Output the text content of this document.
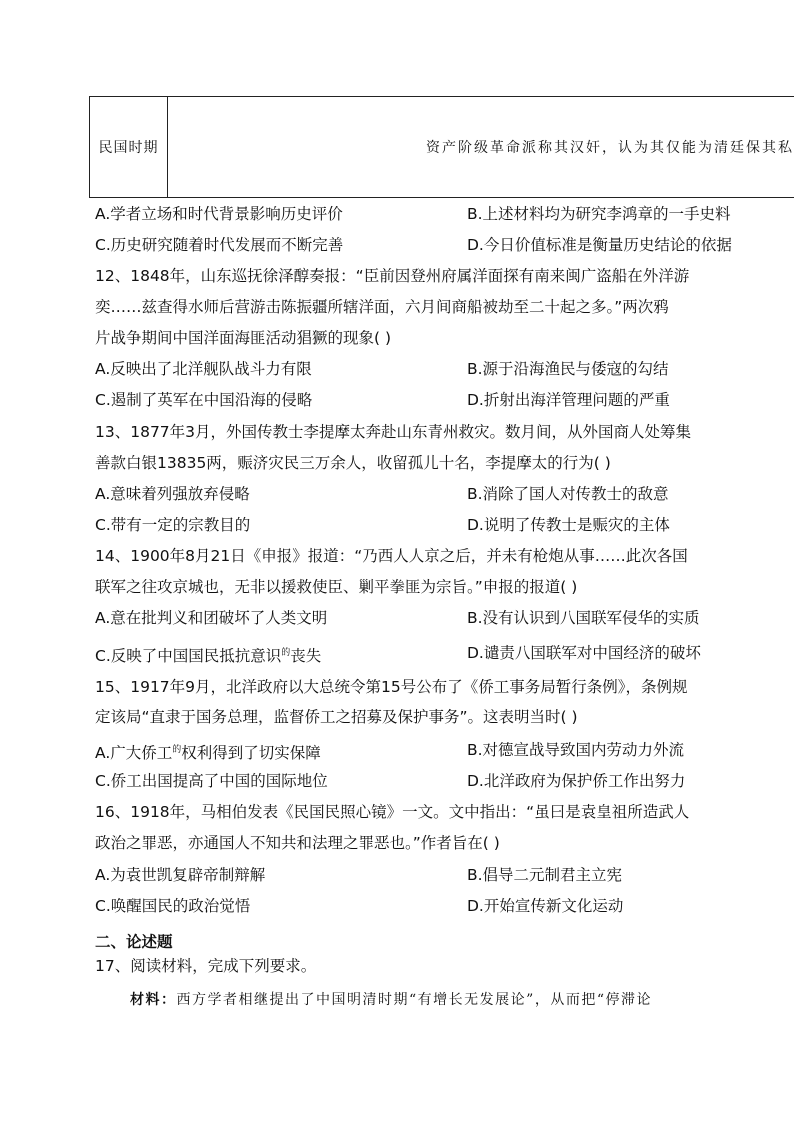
民国时期	资产阶级革命派称其汉奸，认为其仅能为清廷保其私
A.学者立场和时代背景影响历史评价	B.上述材料均为研究李鸿章的一手史料
C.历史研究随着时代发展而不断完善	D.今日价值标准是衡量历史结论的依据
12、1848年，山东巡抚徐泽醇奏报：“臣前因登州府属洋面探有南来闽广盗船在外洋游
奕……兹查得水师后营游击陈振疆所辖洋面，六月间商船被劫至二十起之多。”两次鸦
片战争期间中国洋面海匪活动猖獗的现象( )
A.反映出了北洋舰队战斗力有限	B.源于沿海渔民与倭寇的勾结
C.遏制了英军在中国沿海的侵略	D.折射出海洋管理问题的严重
13、1877年3月，外国传教士李提摩太奔赴山东青州救灾。数月间，从外国商人处筹集
善款白银13835两，赈济灾民三万余人，收留孤儿十名，李提摩太的行为( )
A.意味着列强放弃侵略	B.消除了国人对传教士的敌意
C.带有一定的宗教目的	D.说明了传教士是赈灾的主体
14、1900年8月21日《申报》报道：“乃西人人京之后，并未有枪炮从事……此次各国
联军之往攻京城也，无非以援救使臣、剿平拳匪为宗旨。”申报的报道( )
A.意在批判义和团破坏了人类文明	B.没有认识到八国联军侵华的实质
C.反映了中国国民抵抗意识$^的$丧失	D.谴责八国联军对中国经济的破坏
15、1917年9月，北洋政府以大总统令第15号公布了《侨工事务局暂行条例》，条例规
定该局“直隶于国务总理，监督侨工之招募及保护事务”。这表明当时( )
A.广大侨工$^的$权利得到了切实保障	B.对德宣战导致国内劳动力外流
C.侨工出国提高了中国的国际地位	D.北洋政府为保护侨工作出努力
16、1918年，马相伯发表《民国民照心镜》一文。文中指出：“虽曰是袁皇祖所造武人
政治之罪恶，亦通国人不知共和法理之罪恶也。”作者旨在( )
A.为袁世凯复辟帝制辩解	B.倡导二元制君主立宪
C.唤醒国民的政治觉悟	D.开始宣传新文化运动
二、论述题
17、阅读材料，完成下列要求。
材料：西方学者相继提出了中国明清时期“有增长无发展论”，从而把“停滞论
